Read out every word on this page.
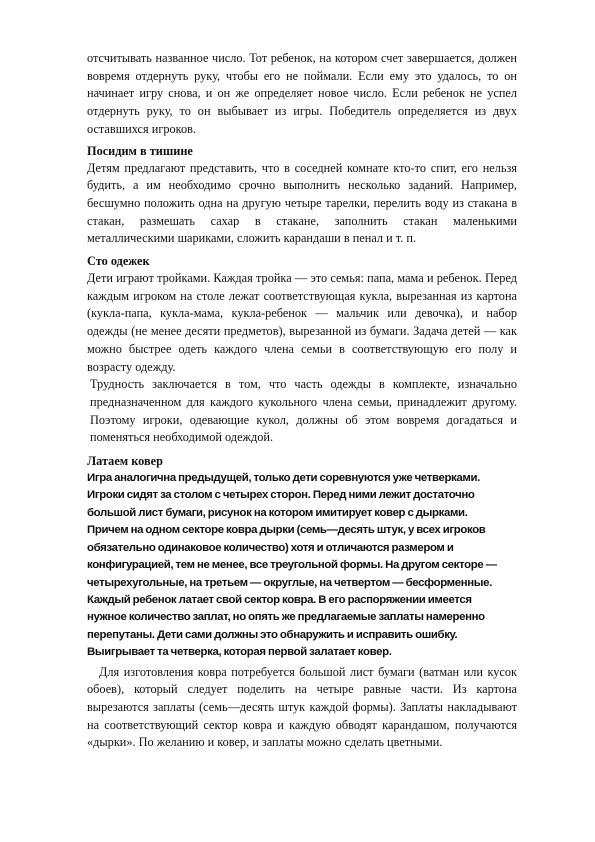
отсчитывать названное число. Тот ребенок, на котором счет завершается, должен вовремя отдернуть руку, чтобы его не поймали. Если ему это удалось, то он начинает игру снова, и он же определяет новое число. Если ребенок не успел отдернуть руку, то он выбывает из игры. Победитель определяется из двух оставшихся игроков.

Посидим в тишине

Детям предлагают представить, что в соседней комнате кто-то спит, его нельзя будить, а им необходимо срочно выполнить несколько заданий. Например, бесшумно положить одна на другую четыре тарелки, перелить воду из стакана в стакан, размешать сахар в стакане, заполнить стакан маленькими металлическими шариками, сложить карандаши в пенал и т. п.

Сто одежек

Дети играют тройками. Каждая тройка — это семья: папа, мама и ребенок. Перед каждым игроком на столе лежат соответствующая кукла, вырезанная из картона (кукла-папа, кукла-мама, кукла-ребенок — мальчик или девочка), и набор одежды (не менее десяти предметов), вырезанной из бумаги. Задача детей — как можно быстрее одеть каждого члена семьи в соответствующую его полу и возрасту одежду.

Трудность заключается в том, что часть одежды в комплекте, изначально предназначенном для каждого кукольного члена семьи, принадлежит другому. Поэтому игроки, одевающие кукол, должны об этом вовремя догадаться и поменяться необходимой одеждой.

Латаем ковер

Игра аналогична предыдущей, только дети соревнуются уже четверками.

Игроки сидят за столом с четырех сторон. Перед ними лежит достаточно

большой лист бумаги, рисунок на котором имитирует ковер с дырками.

Причем на одном секторе ковра дырки (семь—десять штук, у всех игроков

обязательно одинаковое количество) хотя и отличаются размером и

конфигурацией, тем не менее, все треугольной формы. На другом секторе —

четырехугольные, на третьем — округлые, на четвертом — бесформенные.

Каждый ребенок латает свой сектор ковра. В его распоряжении имеется

нужное количество заплат, но опять же предлагаемые заплаты намеренно

перепутаны. Дети сами должны это обнаружить и исправить ошибку.

Выигрывает та четверка, которая первой залатает ковер.

Для изготовления ковра потребуется большой лист бумаги (ватман или кусок обоев), который следует поделить на четыре равные части. Из картона вырезаются заплаты (семь—десять штук каждой формы). Заплаты накладывают на соответствующий сектор ковра и каждую обводят карандашом, получаются «дырки». По желанию и ковер, и заплаты можно сделать цветными.
